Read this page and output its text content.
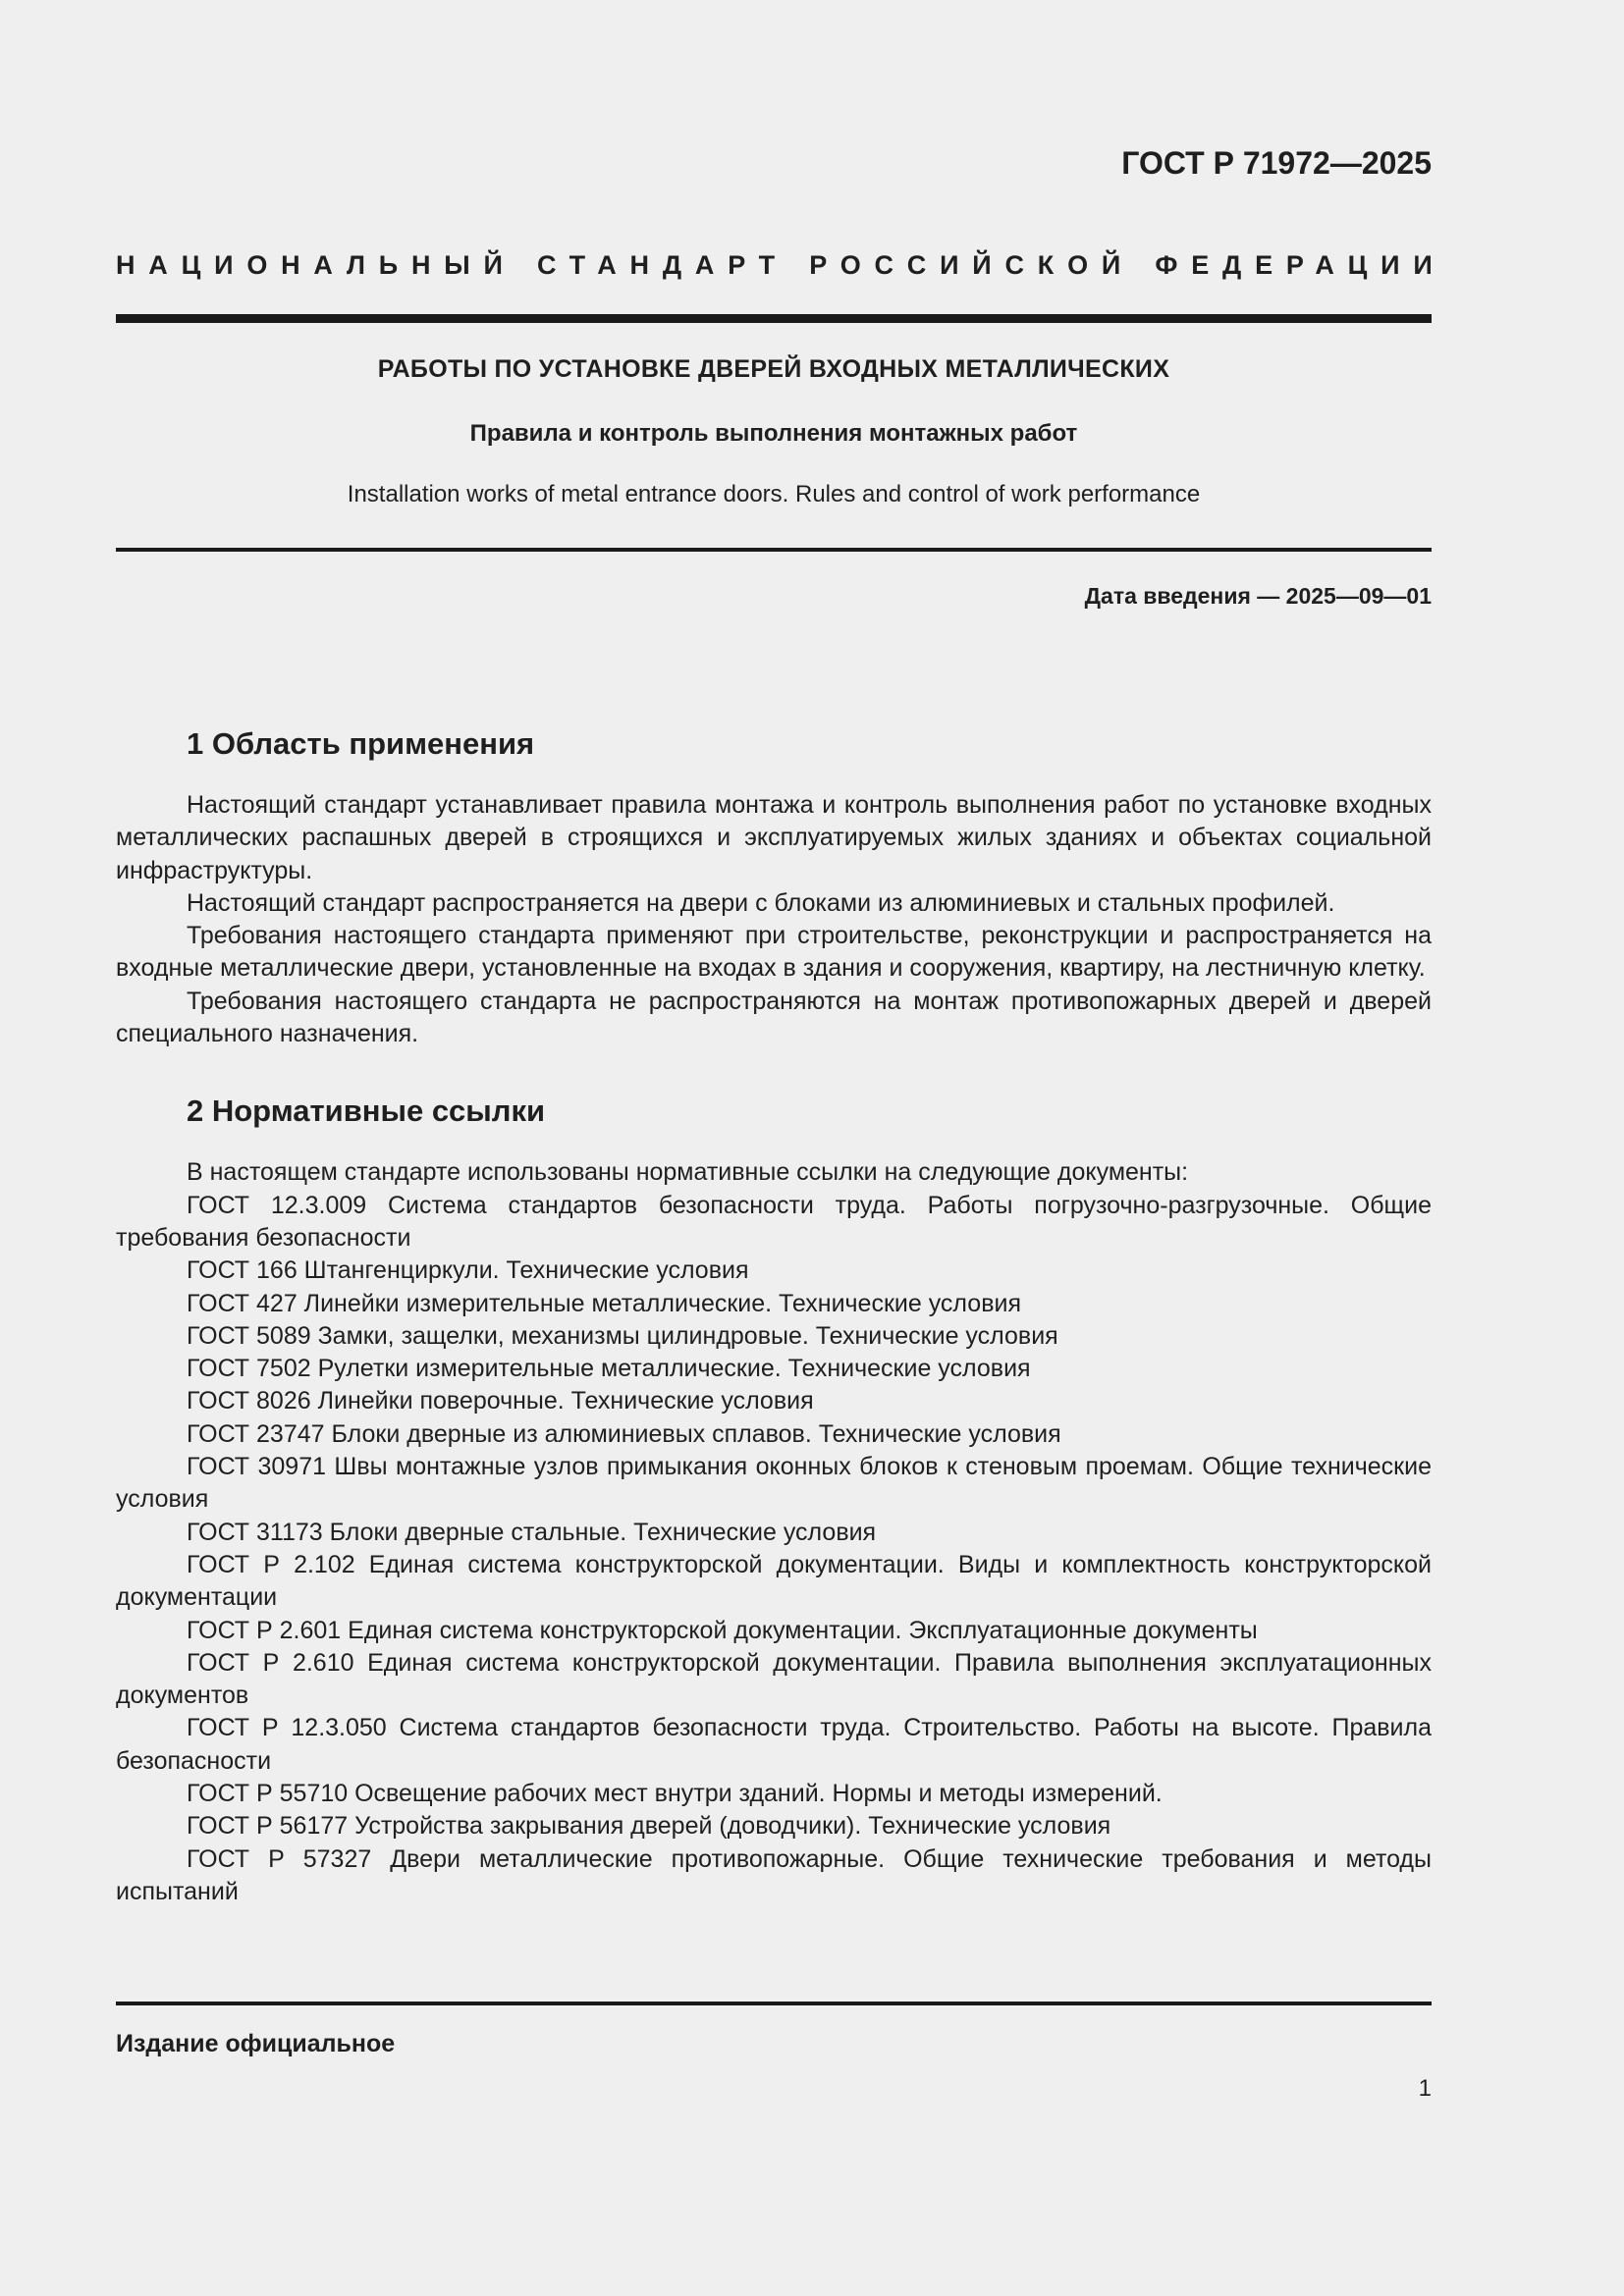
ГОСТ Р 71972—2025
НАЦИОНАЛЬНЫЙ СТАНДАРТ РОССИЙСКОЙ ФЕДЕРАЦИИ
РАБОТЫ ПО УСТАНОВКЕ ДВЕРЕЙ ВХОДНЫХ МЕТАЛЛИЧЕСКИХ
Правила и контроль выполнения монтажных работ
Installation works of metal entrance doors. Rules and control of work performance
Дата введения — 2025—09—01
1 Область применения

Настоящий стандарт устанавливает правила монтажа и контроль выполнения работ по установке входных металлических распашных дверей в строящихся и эксплуатируемых жилых зданиях и объектах социальной инфраструктуры.

Настоящий стандарт распространяется на двери с блоками из алюминиевых и стальных профилей.

Требования настоящего стандарта применяют при строительстве, реконструкции и распространяется на входные металлические двери, установленные на входах в здания и сооружения, квартиру, на лестничную клетку.

Требования настоящего стандарта не распространяются на монтаж противопожарных дверей и дверей специального назначения.

2 Нормативные ссылки

В настоящем стандарте использованы нормативные ссылки на следующие документы:

ГОСТ 12.3.009 Система стандартов безопасности труда. Работы погрузочно-разгрузочные. Общие требования безопасности

ГОСТ 166 Штангенциркули. Технические условия

ГОСТ 427 Линейки измерительные металлические. Технические условия

ГОСТ 5089 Замки, защелки, механизмы цилиндровые. Технические условия

ГОСТ 7502 Рулетки измерительные металлические. Технические условия

ГОСТ 8026 Линейки поверочные. Технические условия

ГОСТ 23747 Блоки дверные из алюминиевых сплавов. Технические условия

ГОСТ 30971 Швы монтажные узлов примыкания оконных блоков к стеновым проемам. Общие технические условия

ГОСТ 31173 Блоки дверные стальные. Технические условия

ГОСТ Р 2.102 Единая система конструкторской документации. Виды и комплектность конструкторской документации

ГОСТ Р 2.601 Единая система конструкторской документации. Эксплуатационные документы

ГОСТ Р 2.610 Единая система конструкторской документации. Правила выполнения эксплуатационных документов

ГОСТ Р 12.3.050 Система стандартов безопасности труда. Строительство. Работы на высоте. Правила безопасности

ГОСТ Р 55710 Освещение рабочих мест внутри зданий. Нормы и методы измерений.

ГОСТ Р 56177 Устройства закрывания дверей (доводчики). Технические условия

ГОСТ Р 57327 Двери металлические противопожарные. Общие технические требования и методы испытаний

Издание официальное
1
